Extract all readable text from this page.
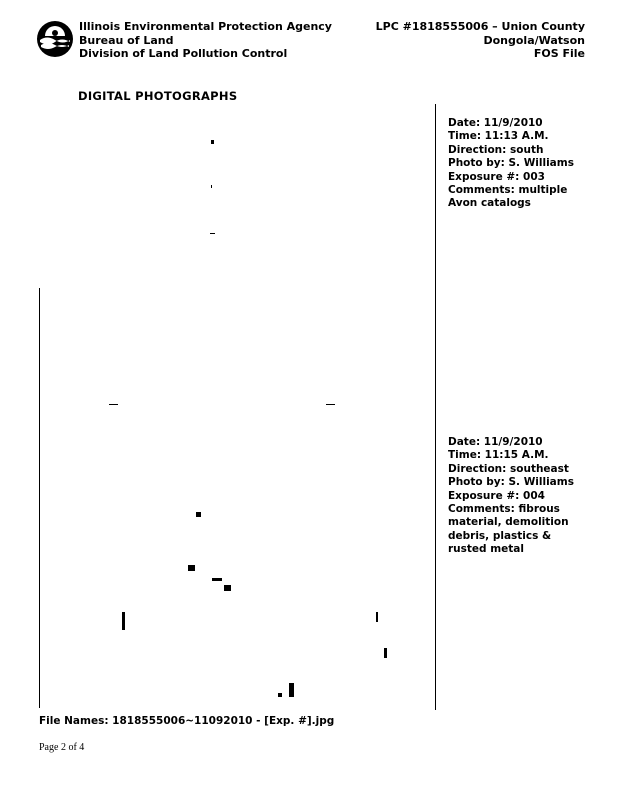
Illinois Environmental Protection Agency
Bureau of Land
Division of Land Pollution Control
LPC #1818555006 – Union County
Dongola/Watson
FOS File
DIGITAL PHOTOGRAPHS
Date: 11/9/2010
Time: 11:13 A.M.
Direction: south
Photo by: S. Williams
Exposure #: 003
Comments: multiple
Avon catalogs
Date: 11/9/2010
Time: 11:15 A.M.
Direction: southeast
Photo by: S. Williams
Exposure #: 004
Comments: fibrous
material, demolition
debris, plastics &
rusted metal
File Names: 1818555006~11092010 - [Exp. #].jpg
Page 2 of 4
